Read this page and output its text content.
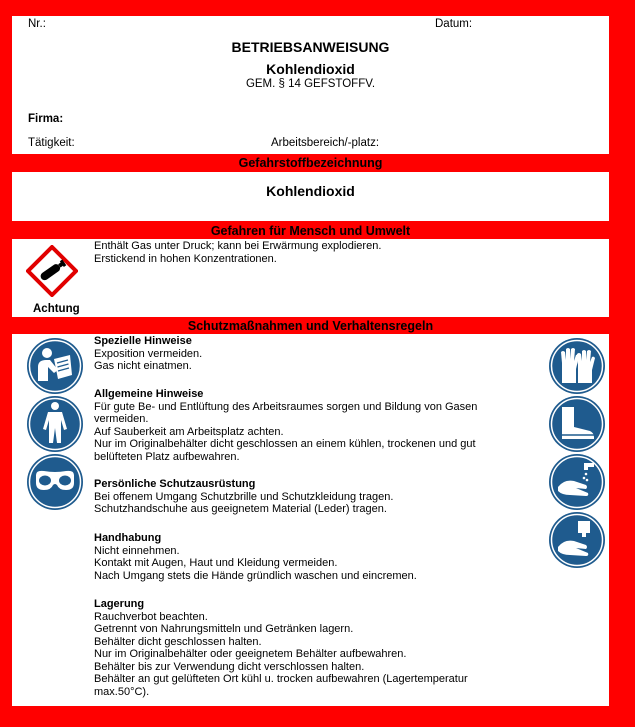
Nr.:	Datum:
BETRIEBSANWEISUNG
Kohlendioxid
GEM. § 14 GEFSTOFFV.
Firma:
Tätigkeit:	Arbeitsbereich/-platz:
Gefahrstoffbezeichnung
Kohlendioxid
Gefahren für Mensch und Umwelt
Achtung
Enthält Gas unter Druck; kann bei Erwärmung explodieren.
Erstickend in hohen Konzentrationen.
Schutzmaßnahmen und Verhaltensregeln
Spezielle Hinweise
Exposition vermeiden.
Gas nicht einatmen.
Allgemeine Hinweise
Für gute Be- und Entlüftung des Arbeitsraumes sorgen und Bildung von Gasen
vermeiden.
Auf Sauberkeit am Arbeitsplatz achten.
Nur im Originalbehälter dicht geschlossen an einem kühlen, trockenen und gut
belüfteten Platz aufbewahren.
Persönliche Schutzausrüstung
Bei offenem Umgang Schutzbrille und Schutzkleidung tragen.
Schutzhandschuhe aus geeignetem Material (Leder) tragen.
Handhabung
Nicht einnehmen.
Kontakt mit Augen, Haut und Kleidung vermeiden.
Nach Umgang stets die Hände gründlich waschen und eincremen.
Lagerung
Rauchverbot beachten.
Getrennt von Nahrungsmitteln und Getränken lagern.
Behälter dicht geschlossen halten.
Nur im Originalbehälter oder geeignetem Behälter aufbewahren.
Behälter bis zur Verwendung dicht verschlossen halten.
Behälter an gut gelüfteten Ort kühl u. trocken aufbewahren (Lagertemperatur
max.50°C).
